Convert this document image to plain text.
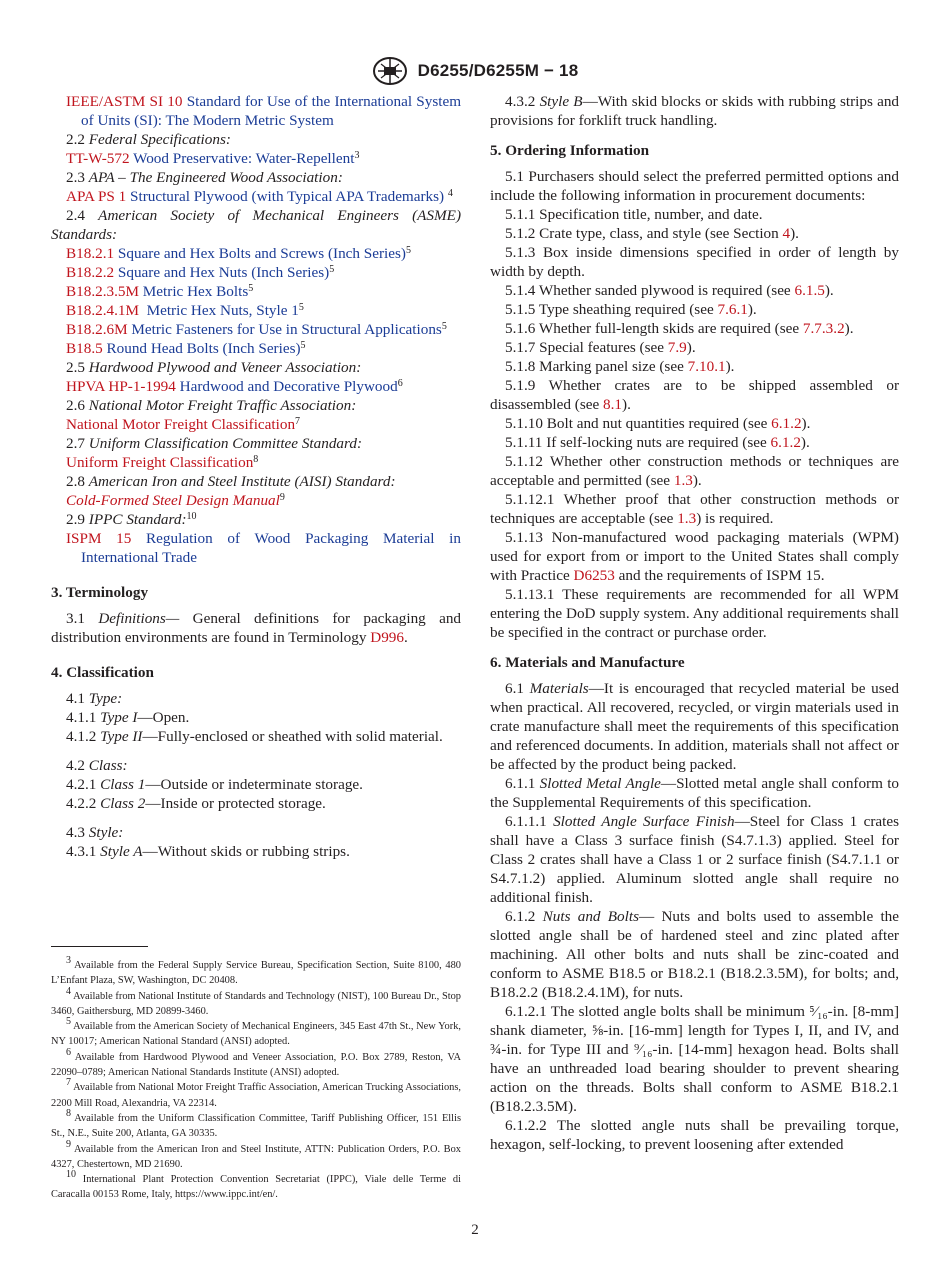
D6255/D6255M − 18

IEEE/ASTM SI 10 Standard for Use of the International System of Units (SI): The Modern Metric System

2.2 Federal Specifications:

TT-W-572 Wood Preservative: Water-Repellent$^3$

2.3 APA – The Engineered Wood Association:

APA PS 1 Structural Plywood (with Typical APA Trademarks) $^4$

2.4 American Society of Mechanical Engineers (ASME) Standards:

B18.2.1 Square and Hex Bolts and Screws (Inch Series)$^5$

B18.2.2 Square and Hex Nuts (Inch Series)$^5$

B18.2.3.5M Metric Hex Bolts$^5$

B18.2.4.1M Metric Hex Nuts, Style $1^5$

B18.2.6M Metric Fasteners for Use in Structural Applications$^5$

B18.5 Round Head Bolts (Inch Series)$^5$

2.5 Hardwood Plywood and Veneer Association:

HPVA HP-1-1994 Hardwood and Decorative Plywood$^6$

2.6 National Motor Freight Traffic Association:

National Motor Freight Classification$^7$

2.7 Uniform Classification Committee Standard:

Uniform Freight Classification$^8$

2.8 American Iron and Steel Institute (AISI) Standard:

Cold-Formed Steel Design Manual$^9$

2.9 IPPC Standard:$^{10}$

ISPM 15 Regulation of Wood Packaging Material in International Trade

3. Terminology

3.1 Definitions— General definitions for packaging and distribution environments are found in Terminology D996.

4. Classification

4.1 Type:

4.1.1 Type I—Open.

4.1.2 Type II—Fully-enclosed or sheathed with solid material.

4.2 Class:

4.2.1 Class 1—Outside or indeterminate storage.

4.2.2 Class 2—Inside or protected storage.

4.3 Style:

4.3.1 Style A—Without skids or rubbing strips.

$^3$ Available from the Federal Supply Service Bureau, Specification Section, Suite 8100, 480 L’Enfant Plaza, SW, Washington, DC 20408.

$^4$ Available from National Institute of Standards and Technology (NIST), 100 Bureau Dr., Stop 3460, Gaithersburg, MD 20899-3460.

$^5$ Available from the American Society of Mechanical Engineers, 345 East 47th St., New York, NY 10017; American National Standard (ANSI) adopted.

$^6$ Available from Hardwood Plywood and Veneer Association, P.O. Box 2789, Reston, VA 22090–0789; American National Standards Institute (ANSI) adopted.

$^7$ Available from National Motor Freight Traffic Association, American Trucking Associations, 2200 Mill Road, Alexandria, VA 22314.

$^8$ Available from the Uniform Classification Committee, Tariff Publishing Officer, 151 Ellis St., N.E., Suite 200, Atlanta, GA 30335.

$^9$ Available from the American Iron and Steel Institute, ATTN: Publication Orders, P.O. Box 4327, Chestertown, MD 21690.

$^{10}$ International Plant Protection Convention Secretariat (IPPC), Viale delle Terme di Caracalla 00153 Rome, Italy, https://www.ippc.int/en/.

4.3.2 Style B—With skid blocks or skids with rubbing strips and provisions for forklift truck handling.

5. Ordering Information

5.1 Purchasers should select the preferred permitted options and include the following information in procurement documents:

5.1.1 Specification title, number, and date.

5.1.2 Crate type, class, and style (see Section 4).

5.1.3 Box inside dimensions specified in order of length by width by depth.

5.1.4 Whether sanded plywood is required (see 6.1.5).

5.1.5 Type sheathing required (see 7.6.1).

5.1.6 Whether full-length skids are required (see 7.7.3.2).

5.1.7 Special features (see 7.9).

5.1.8 Marking panel size (see 7.10.1).

5.1.9 Whether crates are to be shipped assembled or disassembled (see 8.1).

5.1.10 Bolt and nut quantities required (see 6.1.2).

5.1.11 If self-locking nuts are required (see 6.1.2).

5.1.12 Whether other construction methods or techniques are acceptable and permitted (see 1.3).

5.1.12.1 Whether proof that other construction methods or techniques are acceptable (see 1.3) is required.

5.1.13 Non-manufactured wood packaging materials (WPM) used for export from or import to the United States shall comply with Practice D6253 and the requirements of ISPM 15.

5.1.13.1 These requirements are recommended for all WPM entering the DoD supply system. Any additional requirements shall be specified in the contract or purchase order.

6. Materials and Manufacture

6.1 Materials—It is encouraged that recycled material be used when practical. All recovered, recycled, or virgin materials used in crate manufacture shall meet the requirements of this specification and referenced documents. In addition, materials shall not affect or be affected by the product being packed.

6.1.1 Slotted Metal Angle—Slotted metal angle shall conform to the Supplemental Requirements of this specification.

6.1.1.1 Slotted Angle Surface Finish—Steel for Class 1 crates shall have a Class 3 surface finish (S4.7.1.3) applied. Steel for Class 2 crates shall have a Class 1 or 2 surface finish (S4.7.1.1 or S4.7.1.2) applied. Aluminum slotted angle shall require no additional finish.

6.1.2 Nuts and Bolts— Nuts and bolts used to assemble the slotted angle shall be of hardened steel and zinc plated after machining. All other bolts and nuts shall be zinc-coated and conform to ASME B18.5 or B18.2.1 (B18.2.3.5M), for bolts; and, B18.2.2 (B18.2.4.1M), for nuts.

6.1.2.1 The slotted angle bolts shall be minimum ⁵⁄₁₆-in. [8-mm] shank diameter, ⅝-in. [16-mm] length for Types I, II, and IV, and ¾-in. for Type III and ⁹⁄₁₆-in. [14-mm] hexagon head. Bolts shall have an unthreaded load bearing shoulder to prevent shearing action on the threads. Bolts shall conform to ASME B18.2.1 (B18.2.3.5M).

6.1.2.2 The slotted angle nuts shall be prevailing torque, hexagon, self-locking, to prevent loosening after extended

2
